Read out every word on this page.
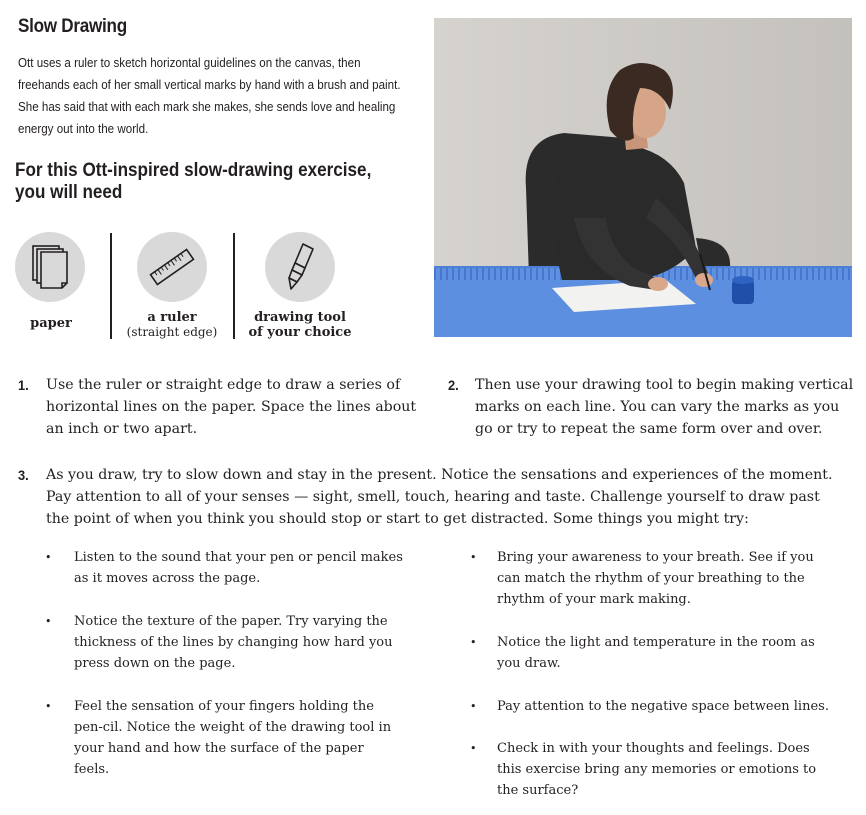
Slow Drawing
Ott uses a ruler to sketch horizontal guidelines on the canvas, then freehands each of her small vertical marks by hand with a brush and paint. She has said that with each mark she makes, she sends love and healing energy out into the world.
For this Ott-inspired slow-drawing exercise, you will need
paper	a ruler
(straight edge)
drawing tool
of your choice
1. Use the ruler or straight edge to draw a series of horizontal lines on the paper. Space the lines about an inch or two apart.
2. Then use your drawing tool to begin making vertical marks on each line. You can vary the marks as you go or try to repeat the same form over and over.
3. As you draw, try to slow down and stay in the present. Notice the sensations and experiences of the moment. Pay attention to all of your senses — sight, smell, touch, hearing and taste. Challenge yourself to draw past the point of when you think you should stop or start to get distracted. Some things you might try:
• Listen to the sound that your pen or pencil makes as it moves across the page.
• Notice the texture of the paper. Try varying the thickness of the lines by changing how hard you press down on the page.
• Feel the sensation of your fingers holding the pen-cil. Notice the weight of the drawing tool in your hand and how the surface of the paper feels.
• Bring your awareness to your breath. See if you can match the rhythm of your breathing to the rhythm of your mark making.
• Notice the light and temperature in the room as you draw.
• Pay attention to the negative space between lines.
• Check in with your thoughts and feelings. Does this exercise bring any memories or emotions to the surface?
